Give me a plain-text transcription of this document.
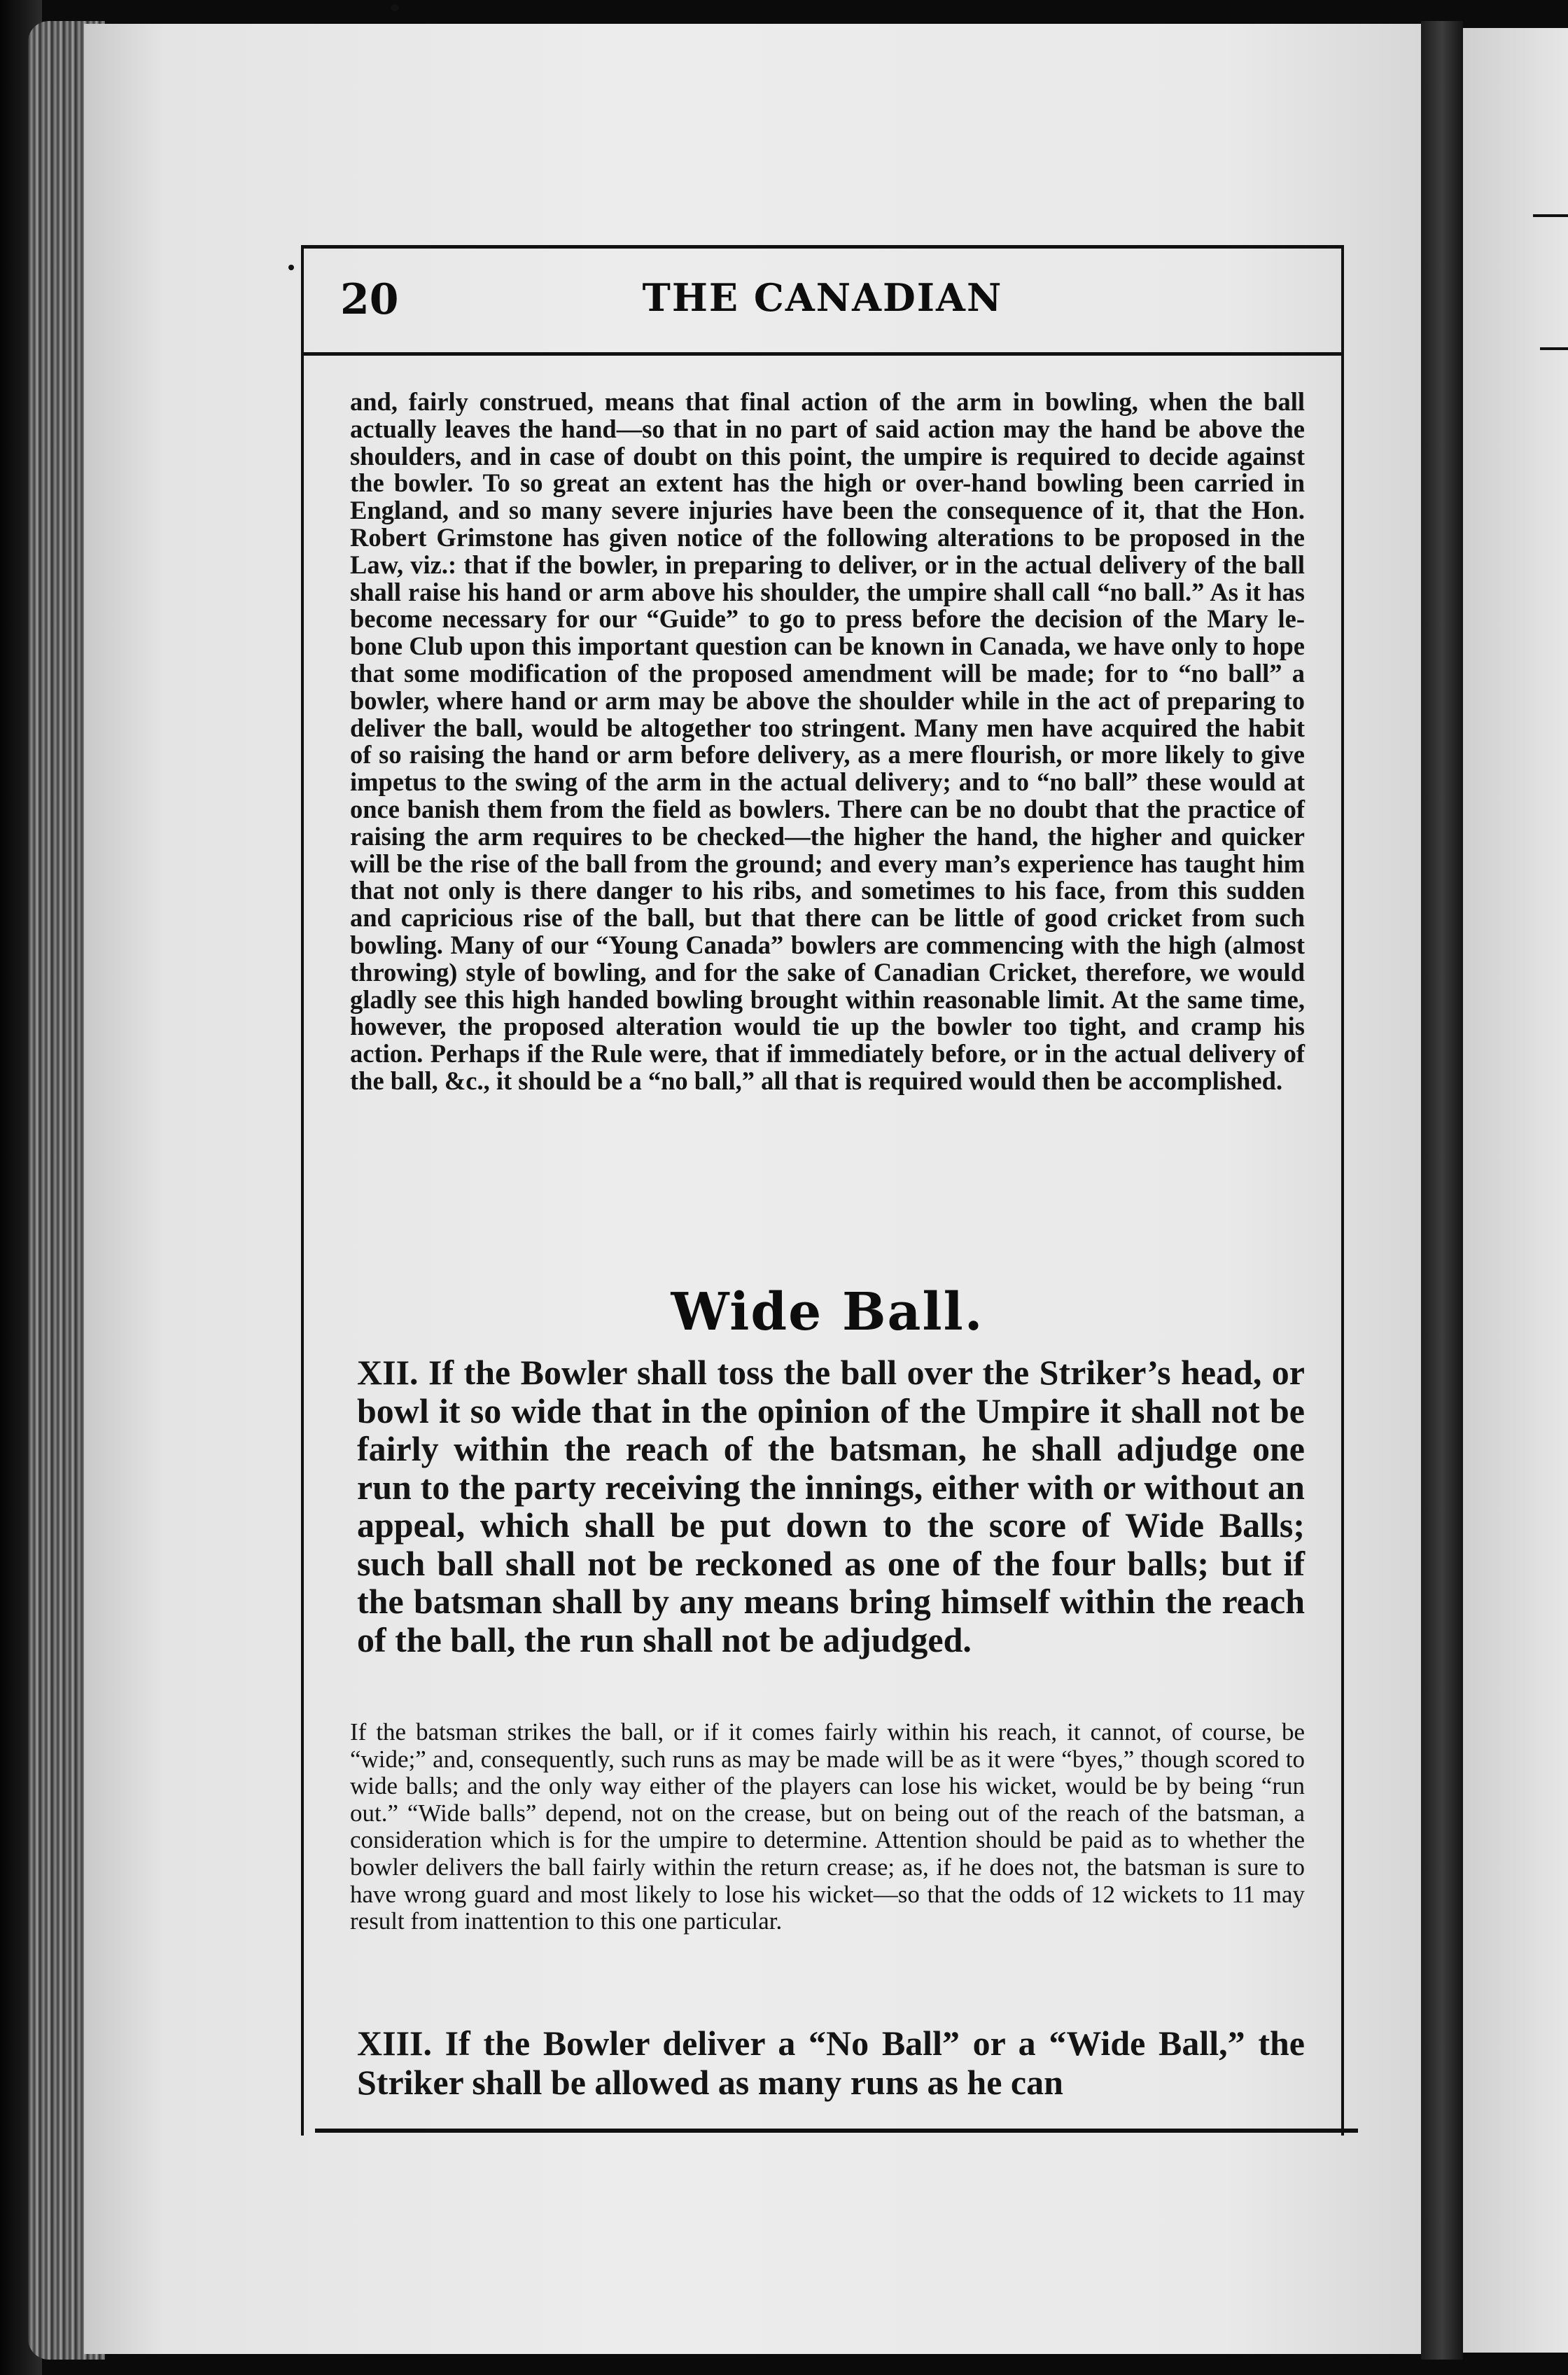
20	THE CANADIAN

and, fairly construed, means that final action of the arm in bowling, when the ball actually leaves the hand—so that in no part of said action may the hand be above the shoulders, and in case of doubt on this point, the umpire is required to decide against the bowler. To so great an extent has the high or over-hand bowling been carried in England, and so many severe injuries have been the consequence of it, that the Hon. Robert Grimstone has given notice of the following alterations to be proposed in the Law, viz.: that if the bowler, in preparing to deliver, or in the actual delivery of the ball shall raise his hand or arm above his shoulder, the umpire shall call “no ball.” As it has become necessary for our “Guide” to go to press before the decision of the Mary le-bone Club upon this important question can be known in Canada, we have only to hope that some modification of the proposed amendment will be made; for to “no ball” a bowler, where hand or arm may be above the shoulder while in the act of preparing to deliver the ball, would be altogether too stringent. Many men have acquired the habit of so raising the hand or arm before delivery, as a mere flourish, or more likely to give impetus to the swing of the arm in the actual delivery; and to “no ball” these would at once banish them from the field as bowlers. There can be no doubt that the practice of raising the arm requires to be checked—the higher the hand, the higher and quicker will be the rise of the ball from the ground; and every man’s experience has taught him that not only is there danger to his ribs, and sometimes to his face, from this sudden and capricious rise of the ball, but that there can be little of good cricket from such bowling. Many of our “Young Canada” bowlers are commencing with the high (almost throwing) style of bowling, and for the sake of Canadian Cricket, therefore, we would gladly see this high handed bowling brought within reasonable limit. At the same time, however, the proposed alteration would tie up the bowler too tight, and cramp his action. Perhaps if the Rule were, that if immediately before, or in the actual delivery of the ball, &c., it should be a “no ball,” all that is required would then be accomplished.

Wide Ball.

XII. If the Bowler shall toss the ball over the Striker’s head, or bowl it so wide that in the opinion of the Umpire it shall not be fairly within the reach of the batsman, he shall adjudge one run to the party receiving the innings, either with or without an appeal, which shall be put down to the score of Wide Balls; such ball shall not be reckoned as one of the four balls; but if the batsman shall by any means bring himself within the reach of the ball, the run shall not be adjudged.

If the batsman strikes the ball, or if it comes fairly within his reach, it cannot, of course, be “wide;” and, consequently, such runs as may be made will be as it were “byes,” though scored to wide balls; and the only way either of the players can lose his wicket, would be by being “run out.” “Wide balls” depend, not on the crease, but on being out of the reach of the batsman, a consideration which is for the umpire to determine. Attention should be paid as to whether the bowler delivers the ball fairly within the return crease; as, if he does not, the batsman is sure to have wrong guard and most likely to lose his wicket—so that the odds of 12 wickets to 11 may result from inattention to this one particular.

XIII. If the Bowler deliver a “No Ball” or a “Wide Ball,” the Striker shall be allowed as many runs as he can
